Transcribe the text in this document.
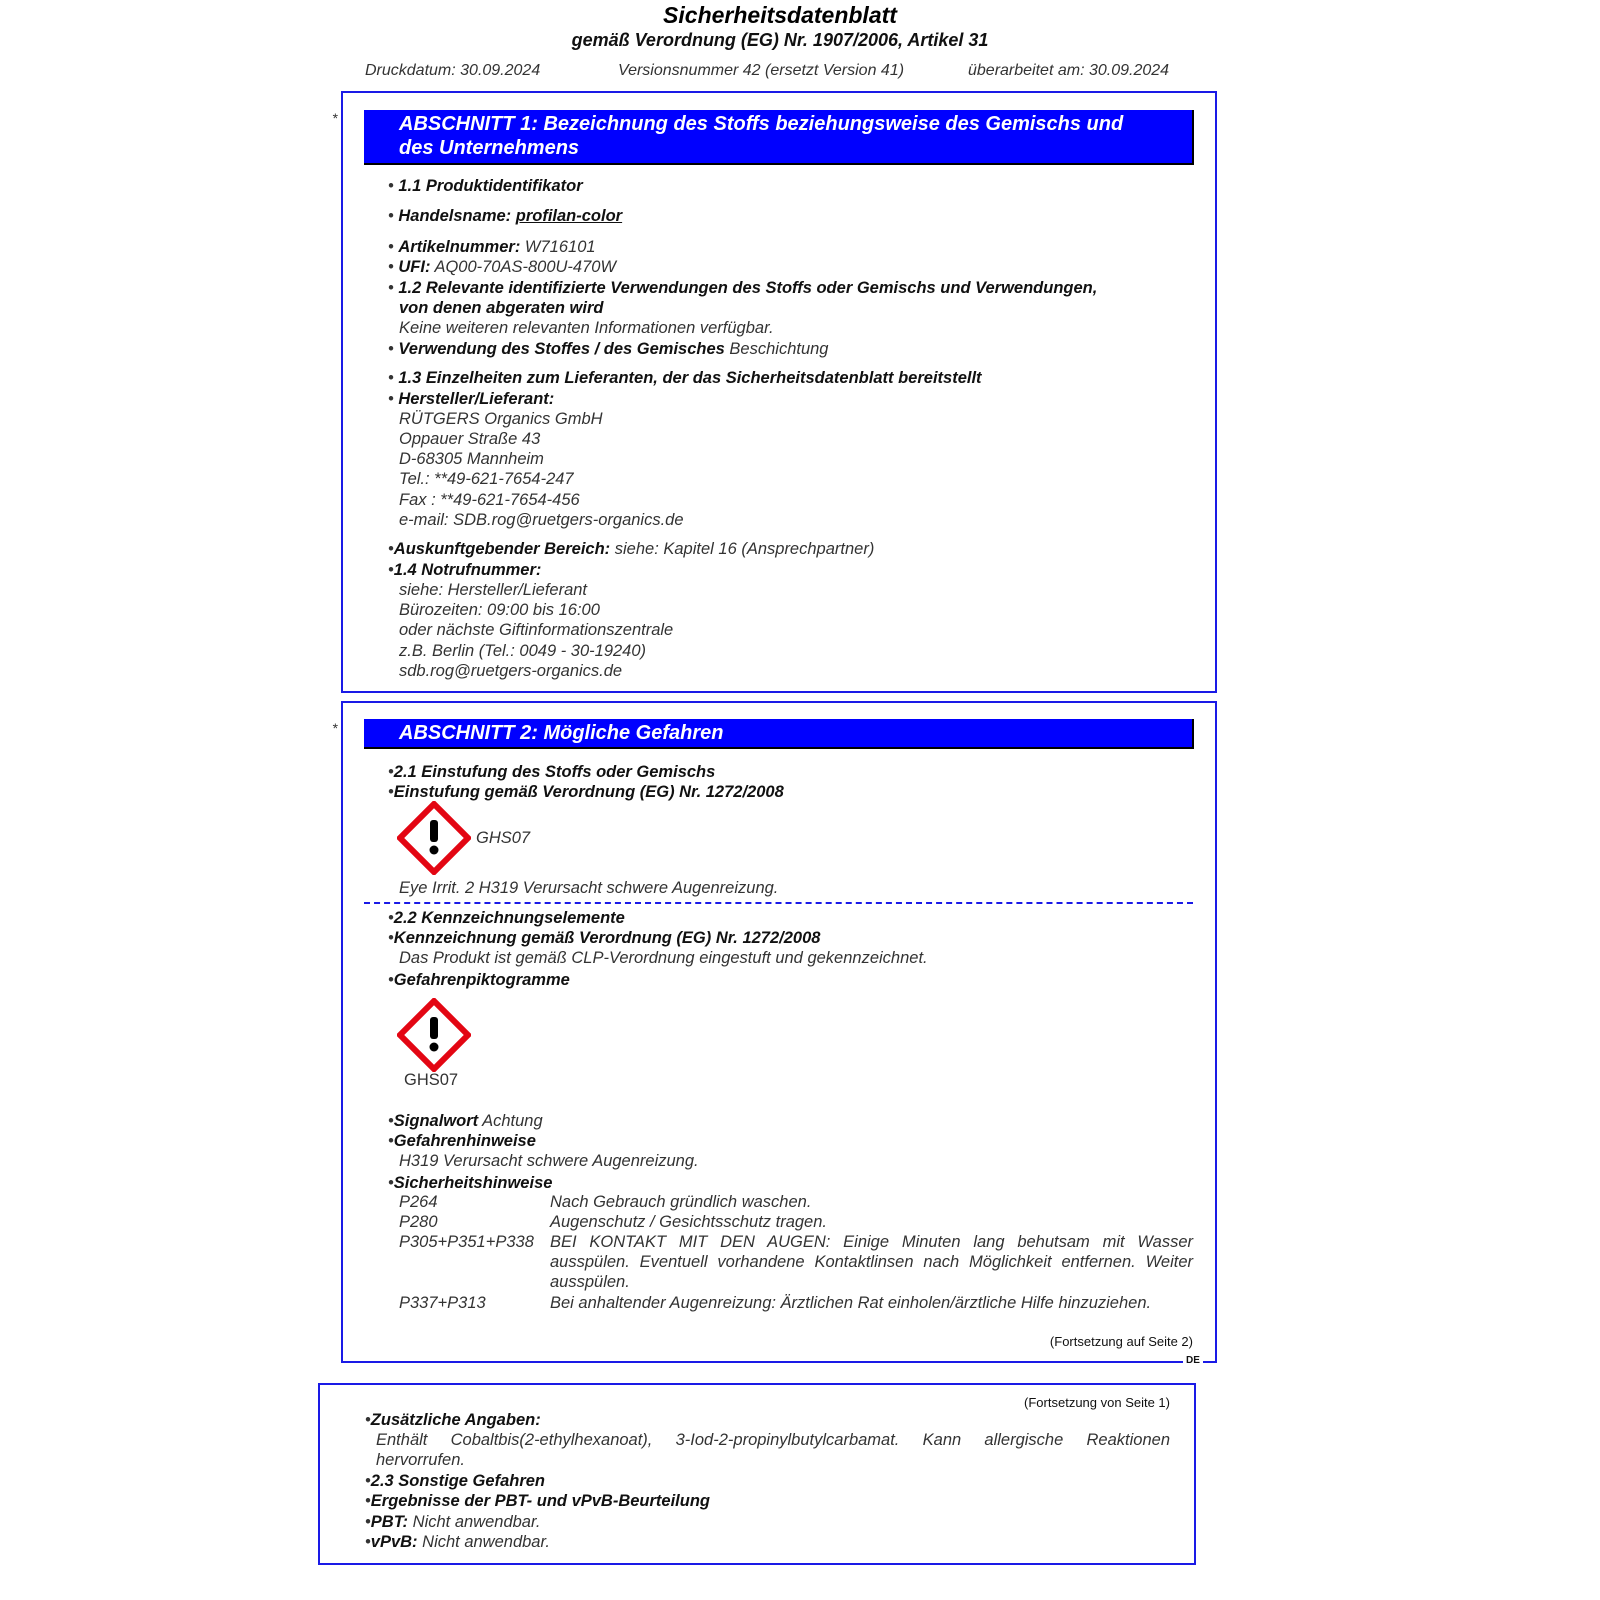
Sicherheitsdatenblatt
gemäß Verordnung (EG) Nr. 1907/2006, Artikel 31
Druckdatum: 30.09.2024	Versionsnummer 42 (ersetzt Version 41)	überarbeitet am: 30.09.2024
*	ABSCHNITT 1: Bezeichnung des Stoffs beziehungsweise des Gemischs und
des Unternehmens
• 1.1 Produktidentifikator
• Handelsname: profilan-color
• Artikelnummer: W716101
• UFI: AQ00-70AS-800U-470W
• 1.2 Relevante identifizierte Verwendungen des Stoffs oder Gemischs und Verwendungen,
von denen abgeraten wird
Keine weiteren relevanten Informationen verfügbar.
• Verwendung des Stoffes / des Gemisches Beschichtung
• 1.3 Einzelheiten zum Lieferanten, der das Sicherheitsdatenblatt bereitstellt
• Hersteller/Lieferant:
RÜTGERS Organics GmbH
Oppauer Straße 43
D-68305 Mannheim
Tel.: **49-621-7654-247
Fax : **49-621-7654-456
e-mail: SDB.rog@ruetgers-organics.de
•Auskunftgebender Bereich: siehe: Kapitel 16 (Ansprechpartner)
•1.4 Notrufnummer:
siehe: Hersteller/Lieferant
Bürozeiten: 09:00 bis 16:00
oder nächste Giftinformationszentrale
z.B. Berlin (Tel.: 0049 - 30-19240)
sdb.rog@ruetgers-organics.de
*	ABSCHNITT 2: Mögliche Gefahren
•2.1 Einstufung des Stoffs oder Gemischs
•Einstufung gemäß Verordnung (EG) Nr. 1272/2008
GHS07
Eye Irrit. 2 H319 Verursacht schwere Augenreizung.
•2.2 Kennzeichnungselemente
•Kennzeichnung gemäß Verordnung (EG) Nr. 1272/2008
Das Produkt ist gemäß CLP-Verordnung eingestuft und gekennzeichnet.
•Gefahrenpiktogramme
GHS07
•Signalwort Achtung
•Gefahrenhinweise
H319 Verursacht schwere Augenreizung.
•Sicherheitshinweise
P264	Nach Gebrauch gründlich waschen.
P280	Augenschutz / Gesichtsschutz tragen.
P305+P351+P338 BEI KONTAKT MIT DEN AUGEN: Einige Minuten lang behutsam mit Wasser ausspülen. Eventuell vorhandene Kontaktlinsen nach Möglichkeit entfernen. Weiter ausspülen.
P337+P313	Bei anhaltender Augenreizung: Ärztlichen Rat einholen/ärztliche Hilfe hinzuziehen.
(Fortsetzung auf Seite 2)
DE
(Fortsetzung von Seite 1)
•Zusätzliche Angaben:
Enthält Cobaltbis(2-ethylhexanoat), 3-Iod-2-propinylbutylcarbamat. Kann allergische Reaktionen hervorrufen.
•2.3 Sonstige Gefahren
•Ergebnisse der PBT- und vPvB-Beurteilung
•PBT: Nicht anwendbar.
•vPvB: Nicht anwendbar.
